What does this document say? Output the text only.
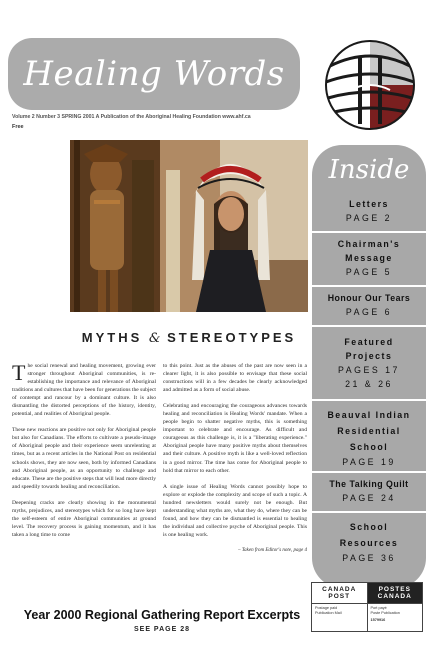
Healing Words
Volume 2 Number 3 SPRING 2001 A Publication of the Aboriginal Healing Foundation www.ahf.ca
Free
MYTHS & STEREOTYPES

The social renewal and healing movement, growing ever stronger throughout Aboriginal communities, is re-establishing the importance and relevance of Aboriginal traditions and cultures that have been for generations the subject of contempt and rancour by a dominant culture. It is also dismantling the distorted perceptions of the history, identity, potential, and realities of Aboriginal people.

These new reactions are positive not only for Aboriginal people but also for Canadians. The efforts to cultivate a pseudo-image of Aboriginal people and their experience seem unrelenting at times, but as a recent articles in the National Post on residential schools shows, they are now seen, both by informed Canadians and Aboriginal people, as an opportunity to challenge and educate. These are the positive steps that will lead more directly and speedily towards healing and reconciliation.

Deepening cracks are clearly showing in the monumental myths, prejudices, and stereotypes which for so long have kept the self-esteem of entire Aboriginal communities at ground level. The recovery process is gaining momentum, and it has taken a long time to come

to this point. Just as the abuses of the past are now seen in a clearer light, it is also possible to envisage that these social constructions will in a few decades be clearly acknowledged and admitted as a form of social abuse.

Celebrating and encouraging the courageous advances towards healing and reconciliation is Healing Words' mandate. When a people begin to shatter negative myths, this is something important to celebrate and encourage. As difficult and courageous as this challenge is, it is a "liberating experience." Aboriginal people have many positive myths about themselves and their culture. A positive myth is like a well-loved reflection in a good mirror. The time has come for Aboriginal people to hold that mirror to each other.

A single issue of Healing Words cannot possibly hope to explore or explode the complexity and scope of such a topic. A hundred newsletters would surely not be enough. But understanding what myths are, what they do, where they can be found, and how they can be dismantled is essential to healing the individual and collective psyche of Aboriginal people. This is one healing work.

– Taken from Editor's note, page 4

Inside
Letters
PAGE 2
Chairman's Message
PAGE 5
Honour Our Tears
PAGE 6
Featured Projects
PAGES 17
21 & 26
Beauval Indian Residential School
PAGE 19
The Talking Quilt
PAGE 24
School Resources
PAGE 36
CANADA
POST
POSTES
CANADA
Postage paid
Publication Mail
Port payé
Poste Publication
1579916
Year 2000 Regional Gathering Report Excerpts
SEE PAGE 28
